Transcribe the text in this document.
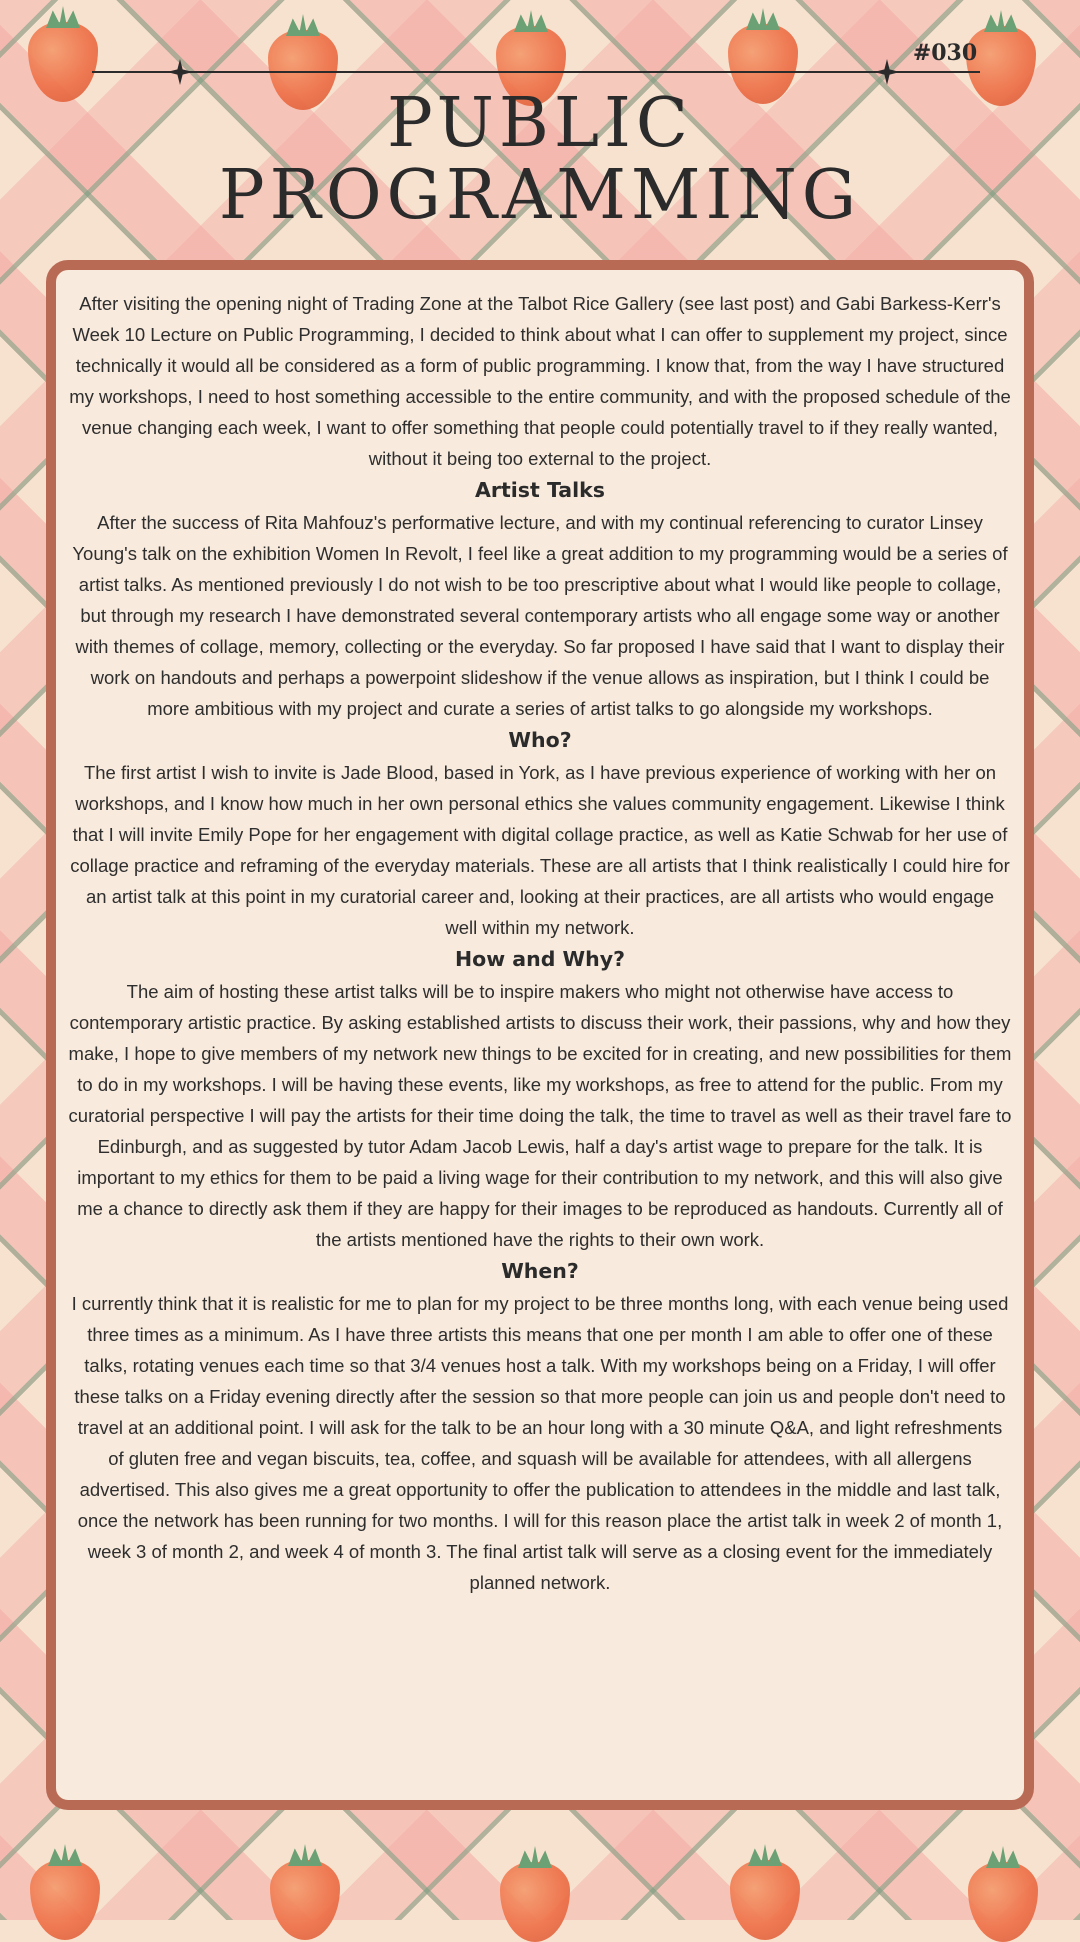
#030
PUBLIC
PROGRAMMING

After visiting the opening night of Trading Zone at the Talbot Rice Gallery (see last post) and Gabi Barkess-Kerr's Week 10 Lecture on Public Programming, I decided to think about what I can offer to supplement my project, since technically it would all be considered as a form of public programming. I know that, from the way I have structured my workshops, I need to host something accessible to the entire community, and with the proposed schedule of the venue changing each week, I want to offer something that people could potentially travel to if they really wanted, without it being too external to the project.

Artist Talks

After the success of Rita Mahfouz's performative lecture, and with my continual referencing to curator Linsey Young's talk on the exhibition Women In Revolt, I feel like a great addition to my programming would be a series of artist talks. As mentioned previously I do not wish to be too prescriptive about what I would like people to collage, but through my research I have demonstrated several contemporary artists who all engage some way or another with themes of collage, memory, collecting or the everyday. So far proposed I have said that I want to display their work on handouts and perhaps a powerpoint slideshow if the venue allows as inspiration, but I think I could be more ambitious with my project and curate a series of artist talks to go alongside my workshops.

Who?

The first artist I wish to invite is Jade Blood, based in York, as I have previous experience of working with her on workshops, and I know how much in her own personal ethics she values community engagement. Likewise I think that I will invite Emily Pope for her engagement with digital collage practice, as well as Katie Schwab for her use of collage practice and reframing of the everyday materials. These are all artists that I think realistically I could hire for an artist talk at this point in my curatorial career and, looking at their practices, are all artists who would engage well within my network.

How and Why?

The aim of hosting these artist talks will be to inspire makers who might not otherwise have access to contemporary artistic practice. By asking established artists to discuss their work, their passions, why and how they make, I hope to give members of my network new things to be excited for in creating, and new possibilities for them to do in my workshops. I will be having these events, like my workshops, as free to attend for the public. From my curatorial perspective I will pay the artists for their time doing the talk, the time to travel as well as their travel fare to Edinburgh, and as suggested by tutor Adam Jacob Lewis, half a day's artist wage to prepare for the talk. It is important to my ethics for them to be paid a living wage for their contribution to my network, and this will also give me a chance to directly ask them if they are happy for their images to be reproduced as handouts. Currently all of the artists mentioned have the rights to their own work.

When?

I currently think that it is realistic for me to plan for my project to be three months long, with each venue being used three times as a minimum. As I have three artists this means that one per month I am able to offer one of these talks, rotating venues each time so that 3/4 venues host a talk. With my workshops being on a Friday, I will offer these talks on a Friday evening directly after the session so that more people can join us and people don't need to travel at an additional point. I will ask for the talk to be an hour long with a 30 minute Q&A, and light refreshments of gluten free and vegan biscuits, tea, coffee, and squash will be available for attendees, with all allergens advertised. This also gives me a great opportunity to offer the publication to attendees in the middle and last talk, once the network has been running for two months. I will for this reason place the artist talk in week 2 of month 1, week 3 of month 2, and week 4 of month 3. The final artist talk will serve as a closing event for the immediately planned network.
